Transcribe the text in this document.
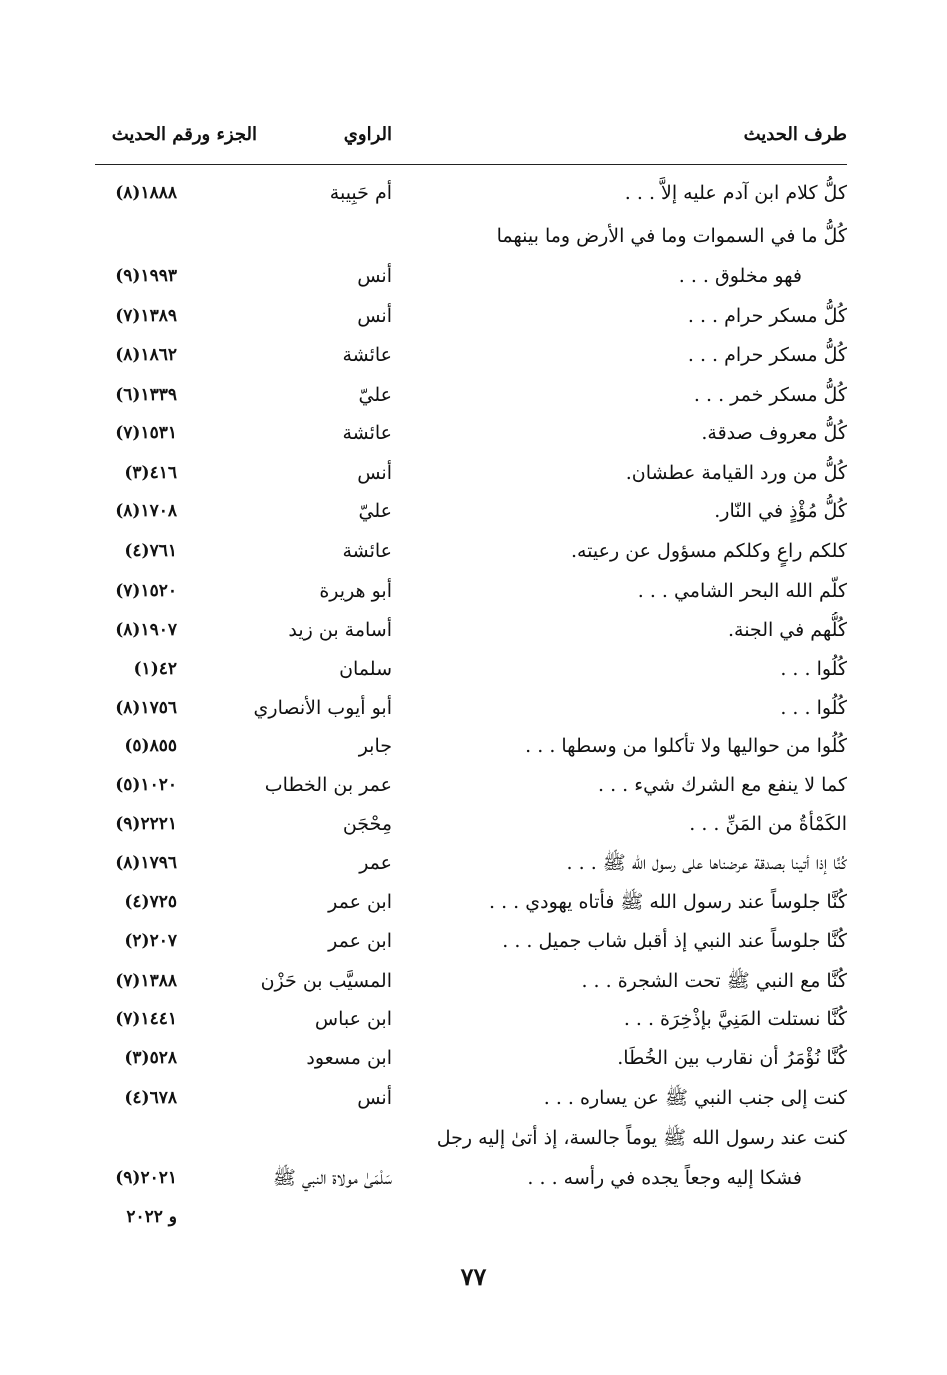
طرف الحديث
الراوي
الجزء ورقم الحديث
كلُّ كلام ابن آدم عليه إلاَّ . . .
أم حَبِيبة
١٨٨٨(٨)
كُلُّ ما في السموات وما في الأرض وما بينهما
فهو مخلوق . . .
أنس
١٩٩٣(٩)
كُلُّ مسكر حرام . . .
أنس
١٣٨٩(٧)
كُلُّ مسكر حرام . . .
عائشة
١٨٦٢(٨)
كُلُّ مسكر خمر . . .
عليّ
١٣٣٩(٦)
كُلُّ معروف صدقة.
عائشة
١٥٣١(٧)
كُلُّ من ورد القيامة عطشان.
أنس
٤١٦(٣)
كُلُّ مُؤْذٍ في النّار.
عليّ
١٧٠٨(٨)
كلكم راعٍ وكلكم مسؤول عن رعيته.
عائشة
٧٦١(٤)
كلّم الله البحر الشامي . . .
أبو هريرة
١٥٢٠(٧)
كُلُّهم في الجنة.
أسامة بن زيد
١٩٠٧(٨)
كُلُوا . . .
سلمان
٤٢(١)
كُلُوا . . .
أبو أيوب الأنصاري
١٧٥٦(٨)
كُلُوا من حواليها ولا تأكلوا من وسطها . . .
جابر
٨٥٥(٥)
كما لا ينفع مع الشرك شيء . . .
عمر بن الخطاب
١٠٢٠(٥)
الكَمْأةُ من المَنِّ . . .
مِحْجَن
٢٢٢١(٩)
كُنَّا إذا أتينا بصدقة عرضناها على رسول الله ﷺ . . .
عمر
١٧٩٦(٨)
كُنَّا جلوساً عند رسول الله ﷺ فأتاه يهودي . . .
ابن عمر
٧٢٥(٤)
كُنَّا جلوساً عند النبي إذ أقبل شاب جميل . . .
ابن عمر
٢٠٧(٢)
كُنَّا مع النبي ﷺ تحت الشجرة . . .
المسيَّب بن حَزْن
١٣٨٨(٧)
كُنَّا نستلت المَنِيَّ بإذْخِرَة . . .
ابن عباس
١٤٤١(٧)
كُنَّا نُؤْمَرُ أن نقارب بين الخُطَا.
ابن مسعود
٥٢٨(٣)
كنت إلى جنب النبي ﷺ عن يساره . . .
أنس
٦٧٨(٤)
كنت عند رسول الله ﷺ يوماً جالسة، إذ أتىٰ إليه رجل
فشكا إليه وجعاً يجده في رأسه . . .
سَلْمَىٰ مولاة النبي ﷺ
٢٠٢١(٩)
و ٢٠٢٢
٧٧
